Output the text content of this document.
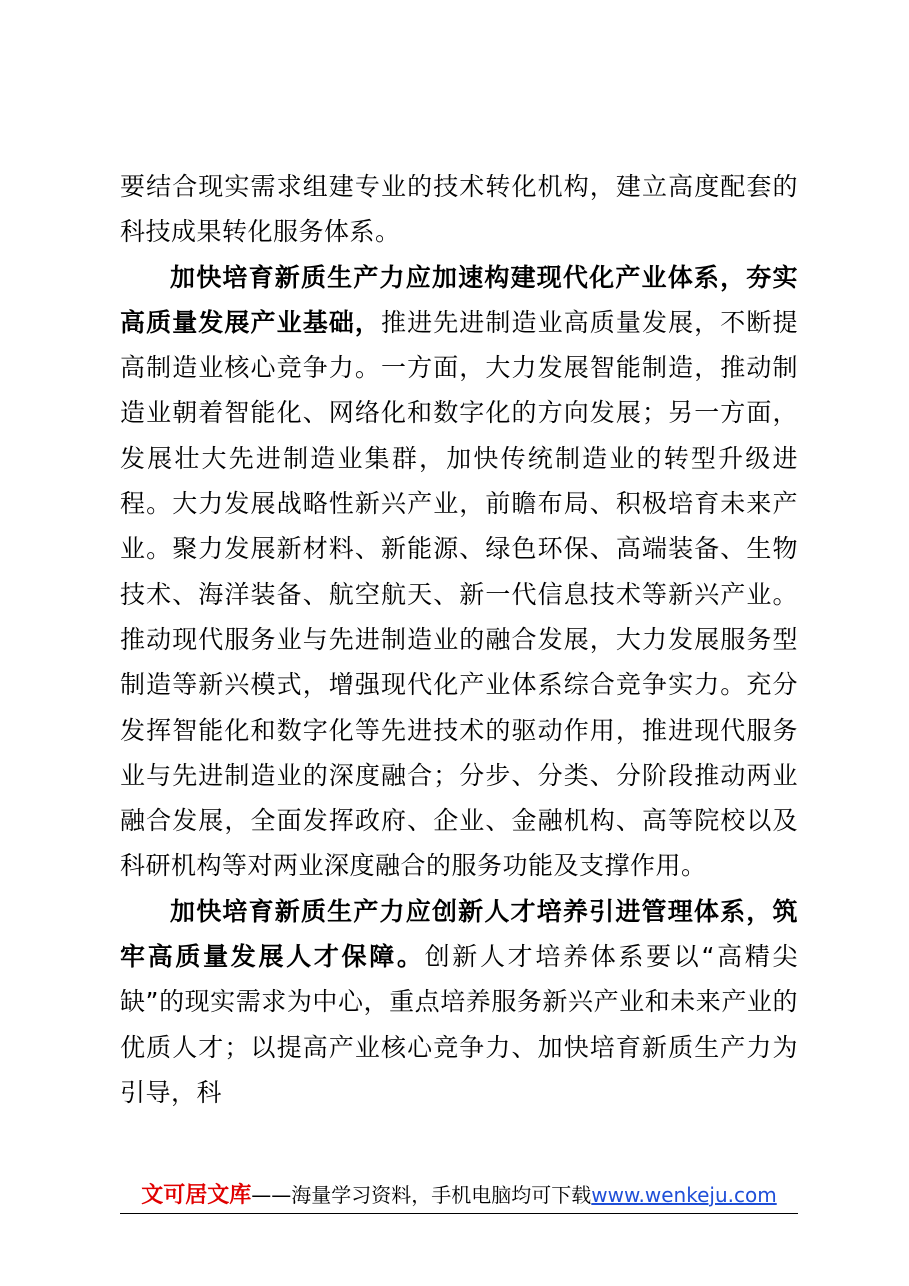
要结合现实需求组建专业的技术转化机构，建立高度配套的科技成果转化服务体系。

加快培育新质生产力应加速构建现代化产业体系，夯实高质量发展产业基础，推进先进制造业高质量发展，不断提高制造业核心竞争力。一方面，大力发展智能制造，推动制造业朝着智能化、网络化和数字化的方向发展；另一方面，发展壮大先进制造业集群，加快传统制造业的转型升级进程。大力发展战略性新兴产业，前瞻布局、积极培育未来产业。聚力发展新材料、新能源、绿色环保、高端装备、生物技术、海洋装备、航空航天、新一代信息技术等新兴产业。推动现代服务业与先进制造业的融合发展，大力发展服务型制造等新兴模式，增强现代化产业体系综合竞争实力。充分发挥智能化和数字化等先进技术的驱动作用，推进现代服务业与先进制造业的深度融合；分步、分类、分阶段推动两业融合发展，全面发挥政府、企业、金融机构、高等院校以及科研机构等对两业深度融合的服务功能及支撑作用。

加快培育新质生产力应创新人才培养引进管理体系，筑牢高质量发展人才保障。创新人才培养体系要以“高精尖缺”的现实需求为中心，重点培养服务新兴产业和未来产业的优质人才；以提高产业核心竞争力、加快培育新质生产力为引导，科

文可居文库——海量学习资料，手机电脑均可下载www.wenkeju.com
